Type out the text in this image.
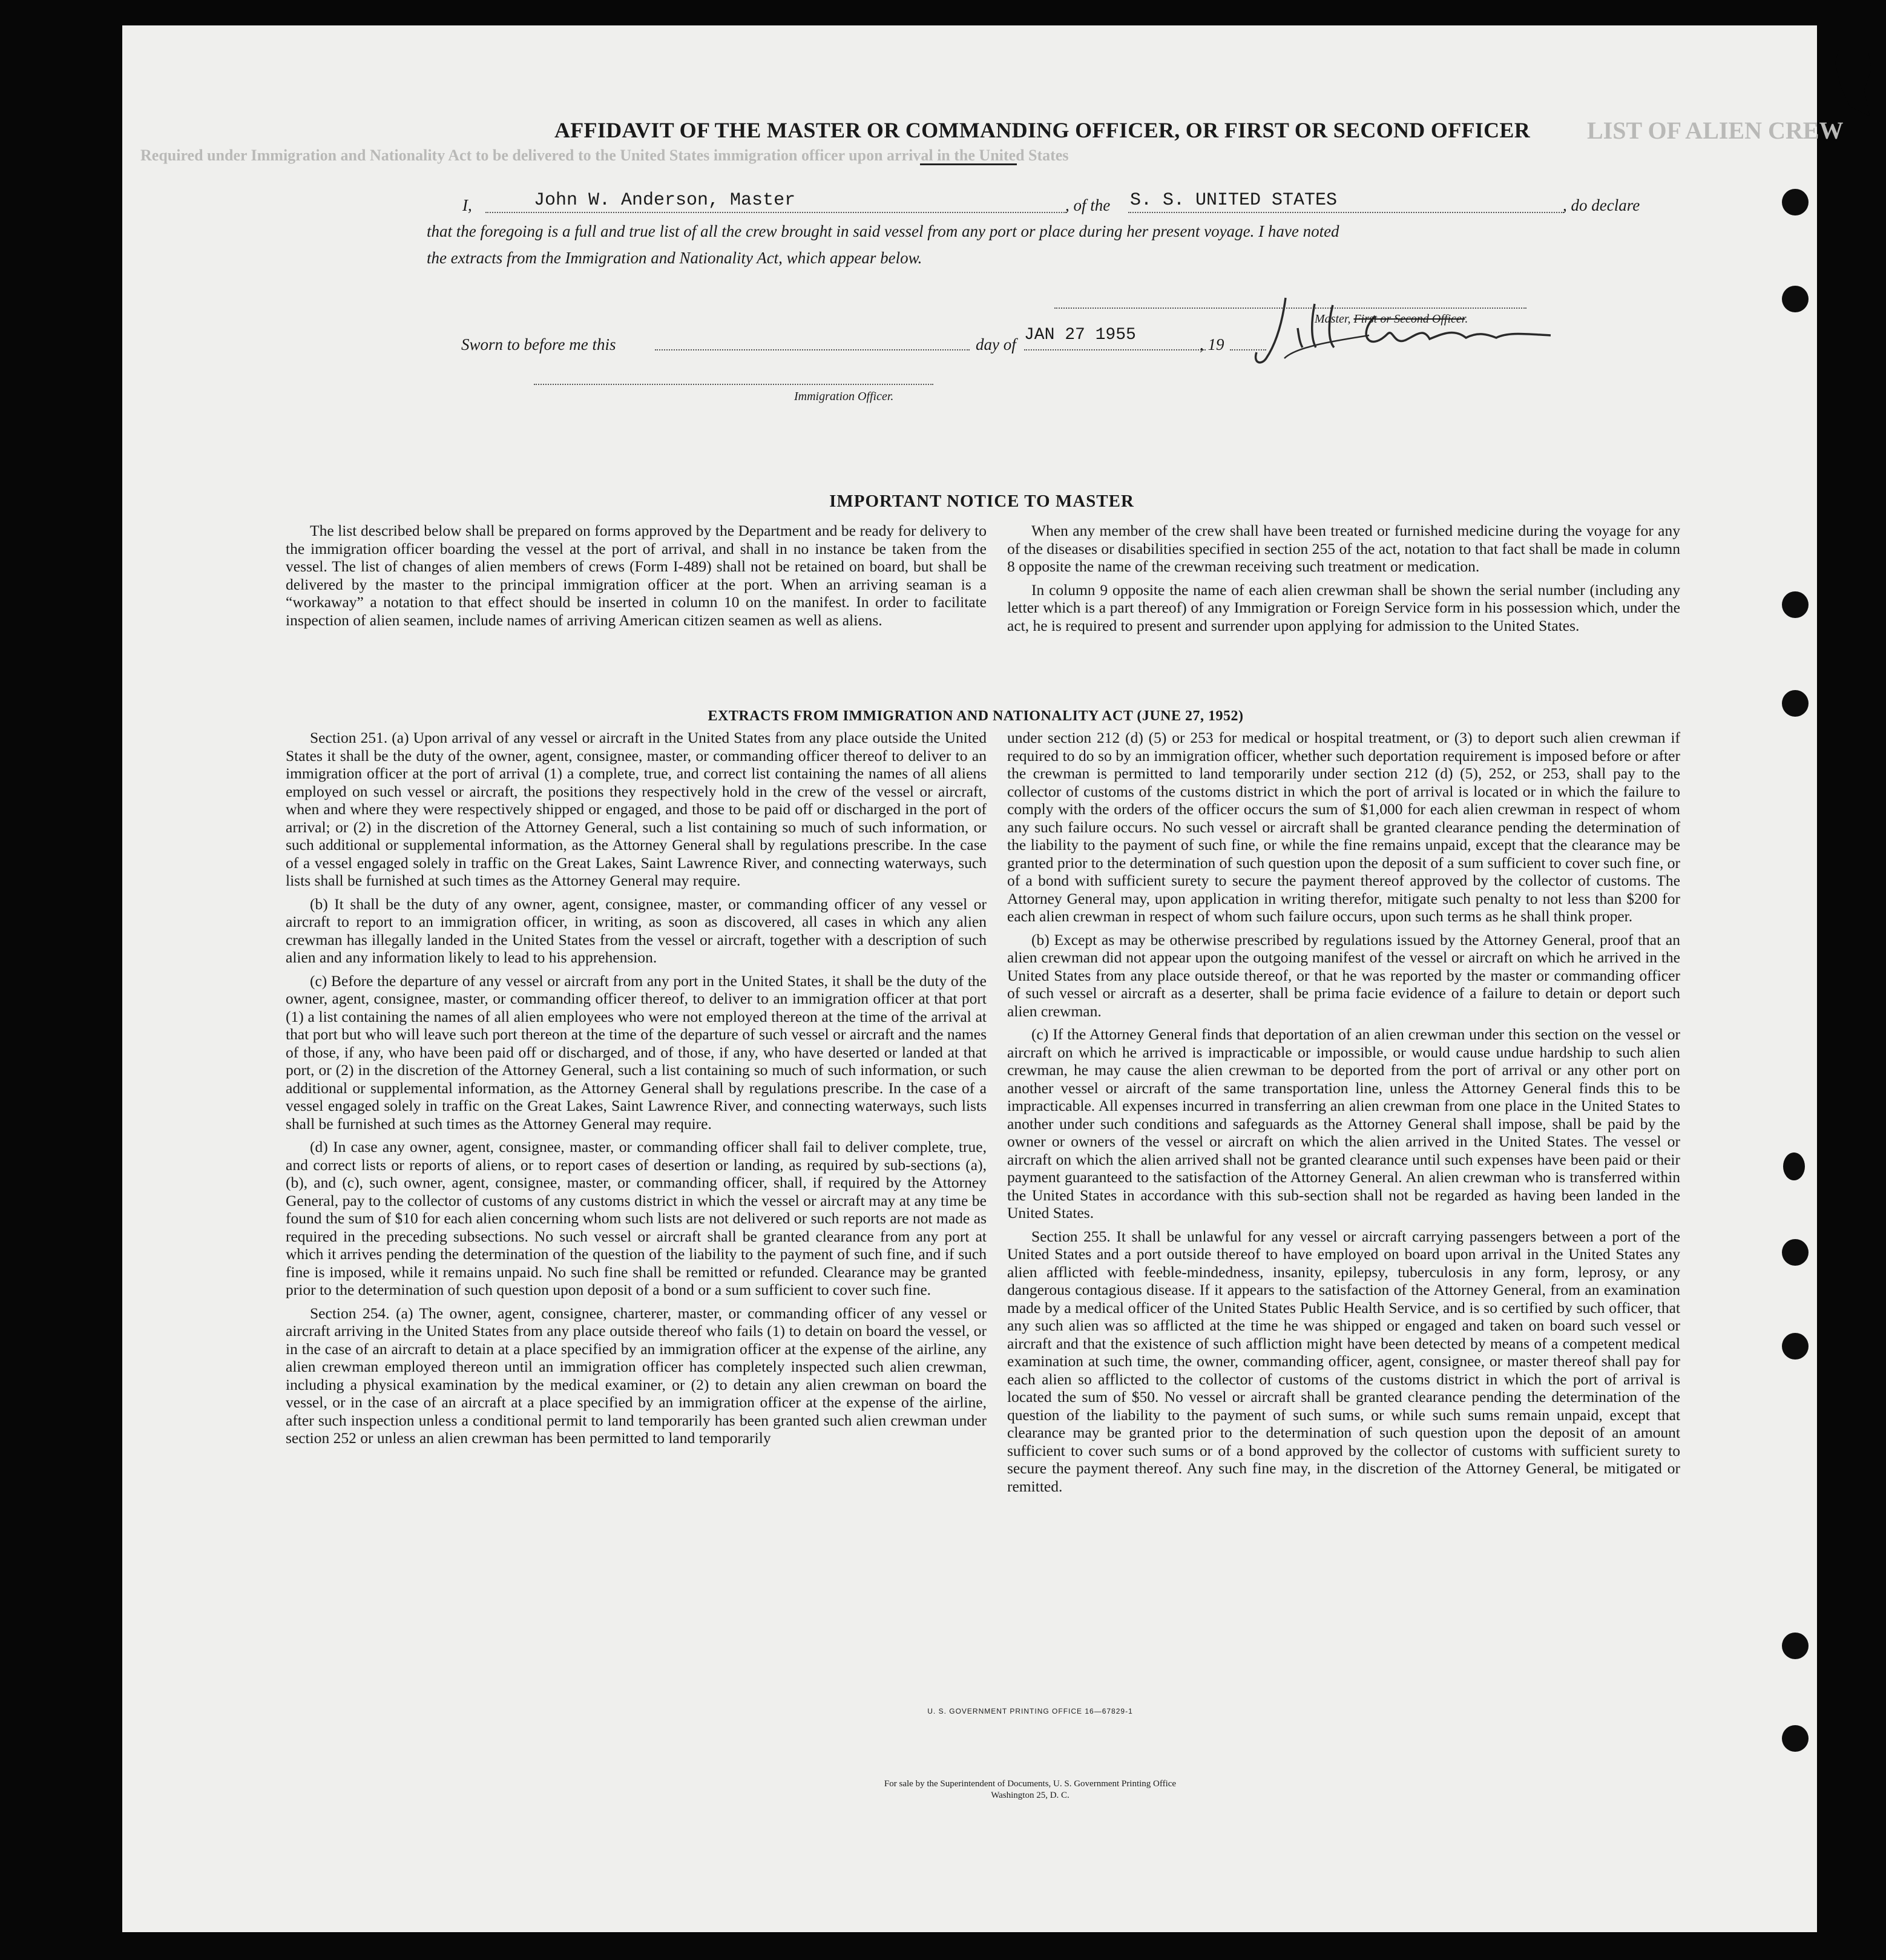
LIST OF ALIEN CREW
Required under Immigration and Nationality Act to be delivered to the United States immigration officer upon arrival in the United States
AFFIDAVIT OF THE MASTER OR COMMANDING OFFICER, OR FIRST OR SECOND OFFICER
I,	John W. Anderson, Master	, of the S. S. UNITED STATES	, do declare
that the foregoing is a full and true list of all the crew brought in said vessel from any port or place during her present voyage. I have noted
the extracts from the Immigration and Nationality Act, which appear below.
Master, First or Second Officer.
Sworn to before me this	day of JAN 27 1955	, 19
Immigration Officer.
IMPORTANT NOTICE TO MASTER

The list described below shall be prepared on forms approved by the Department and be ready for delivery to the immigration officer boarding the vessel at the port of arrival, and shall in no instance be taken from the vessel. The list of changes of alien members of crews (Form I-489) shall not be retained on board, but shall be delivered by the master to the principal immigration officer at the port. When an arriving seaman is a “workaway” a notation to that effect should be inserted in column 10 on the manifest. In order to facilitate inspection of alien seamen, include names of arriving American citizen seamen as well as aliens.

When any member of the crew shall have been treated or furnished medicine during the voyage for any of the diseases or disabilities specified in section 255 of the act, notation to that fact shall be made in column 8 opposite the name of the crewman receiving such treatment or medication.

In column 9 opposite the name of each alien crewman shall be shown the serial number (including any letter which is a part thereof) of any Immigration or Foreign Service form in his possession which, under the act, he is required to present and surrender upon applying for admission to the United States.

EXTRACTS FROM IMMIGRATION AND NATIONALITY ACT (JUNE 27, 1952)

Section 251. (a) Upon arrival of any vessel or aircraft in the United States from any place outside the United States it shall be the duty of the owner, agent, consignee, master, or commanding officer thereof to deliver to an immigration officer at the port of arrival (1) a complete, true, and correct list containing the names of all aliens employed on such vessel or aircraft, the positions they respectively hold in the crew of the vessel or aircraft, when and where they were respectively shipped or engaged, and those to be paid off or discharged in the port of arrival; or (2) in the discretion of the Attorney General, such a list containing so much of such information, or such additional or supplemental information, as the Attorney General shall by regulations prescribe. In the case of a vessel engaged solely in traffic on the Great Lakes, Saint Lawrence River, and connecting waterways, such lists shall be furnished at such times as the Attorney General may require.

(b) It shall be the duty of any owner, agent, consignee, master, or commanding officer of any vessel or aircraft to report to an immigration officer, in writing, as soon as discovered, all cases in which any alien crewman has illegally landed in the United States from the vessel or aircraft, together with a description of such alien and any information likely to lead to his apprehension.

(c) Before the departure of any vessel or aircraft from any port in the United States, it shall be the duty of the owner, agent, consignee, master, or commanding officer thereof, to deliver to an immigration officer at that port (1) a list containing the names of all alien employees who were not employed thereon at the time of the arrival at that port but who will leave such port thereon at the time of the departure of such vessel or aircraft and the names of those, if any, who have been paid off or discharged, and of those, if any, who have deserted or landed at that port, or (2) in the discretion of the Attorney General, such a list containing so much of such information, or such additional or supplemental information, as the Attorney General shall by regulations prescribe. In the case of a vessel engaged solely in traffic on the Great Lakes, Saint Lawrence River, and connecting waterways, such lists shall be furnished at such times as the Attorney General may require.

(d) In case any owner, agent, consignee, master, or commanding officer shall fail to deliver complete, true, and correct lists or reports of aliens, or to report cases of desertion or landing, as required by sub-sections (a), (b), and (c), such owner, agent, consignee, master, or commanding officer, shall, if required by the Attorney General, pay to the collector of customs of any customs district in which the vessel or aircraft may at any time be found the sum of $10 for each alien concerning whom such lists are not delivered or such reports are not made as required in the preceding subsections. No such vessel or aircraft shall be granted clearance from any port at which it arrives pending the determination of the question of the liability to the payment of such fine, and if such fine is imposed, while it remains unpaid. No such fine shall be remitted or refunded. Clearance may be granted prior to the determination of such question upon deposit of a bond or a sum sufficient to cover such fine.

Section 254. (a) The owner, agent, consignee, charterer, master, or commanding officer of any vessel or aircraft arriving in the United States from any place outside thereof who fails (1) to detain on board the vessel, or in the case of an aircraft to detain at a place specified by an immigration officer at the expense of the airline, any alien crewman employed thereon until an immigration officer has completely inspected such alien crewman, including a physical examination by the medical examiner, or (2) to detain any alien crewman on board the vessel, or in the case of an aircraft at a place specified by an immigration officer at the expense of the airline, after such inspection unless a conditional permit to land temporarily has been granted such alien crewman under section 252 or unless an alien crewman has been permitted to land temporarily

under section 212 (d) (5) or 253 for medical or hospital treatment, or (3) to deport such alien crewman if required to do so by an immigration officer, whether such deportation requirement is imposed before or after the crewman is permitted to land temporarily under section 212 (d) (5), 252, or 253, shall pay to the collector of customs of the customs district in which the port of arrival is located or in which the failure to comply with the orders of the officer occurs the sum of $1,000 for each alien crewman in respect of whom any such failure occurs. No such vessel or aircraft shall be granted clearance pending the determination of the liability to the payment of such fine, or while the fine remains unpaid, except that the clearance may be granted prior to the determination of such question upon the deposit of a sum sufficient to cover such fine, or of a bond with sufficient surety to secure the payment thereof approved by the collector of customs. The Attorney General may, upon application in writing therefor, mitigate such penalty to not less than $200 for each alien crewman in respect of whom such failure occurs, upon such terms as he shall think proper.

(b) Except as may be otherwise prescribed by regulations issued by the Attorney General, proof that an alien crewman did not appear upon the outgoing manifest of the vessel or aircraft on which he arrived in the United States from any place outside thereof, or that he was reported by the master or commanding officer of such vessel or aircraft as a deserter, shall be prima facie evidence of a failure to detain or deport such alien crewman.

(c) If the Attorney General finds that deportation of an alien crewman under this section on the vessel or aircraft on which he arrived is impracticable or impossible, or would cause undue hardship to such alien crewman, he may cause the alien crewman to be deported from the port of arrival or any other port on another vessel or aircraft of the same transportation line, unless the Attorney General finds this to be impracticable. All expenses incurred in transferring an alien crewman from one place in the United States to another under such conditions and safeguards as the Attorney General shall impose, shall be paid by the owner or owners of the vessel or aircraft on which the alien arrived in the United States. The vessel or aircraft on which the alien arrived shall not be granted clearance until such expenses have been paid or their payment guaranteed to the satisfaction of the Attorney General. An alien crewman who is transferred within the United States in accordance with this sub-section shall not be regarded as having been landed in the United States.

Section 255. It shall be unlawful for any vessel or aircraft carrying passengers between a port of the United States and a port outside thereof to have employed on board upon arrival in the United States any alien afflicted with feeble-mindedness, insanity, epilepsy, tuberculosis in any form, leprosy, or any dangerous contagious disease. If it appears to the satisfaction of the Attorney General, from an examination made by a medical officer of the United States Public Health Service, and is so certified by such officer, that any such alien was so afflicted at the time he was shipped or engaged and taken on board such vessel or aircraft and that the existence of such affliction might have been detected by means of a competent medical examination at such time, the owner, commanding officer, agent, consignee, or master thereof shall pay for each alien so afflicted to the collector of customs of the customs district in which the port of arrival is located the sum of $50. No vessel or aircraft shall be granted clearance pending the determination of the question of the liability to the payment of such sums, or while such sums remain unpaid, except that clearance may be granted prior to the determination of such question upon the deposit of an amount sufficient to cover such sums or of a bond approved by the collector of customs with sufficient surety to secure the payment thereof. Any such fine may, in the discretion of the Attorney General, be mitigated or remitted.

U. S. GOVERNMENT PRINTING OFFICE 16—67829-1
For sale by the Superintendent of Documents, U. S. Government Printing Office
Washington 25, D. C.
